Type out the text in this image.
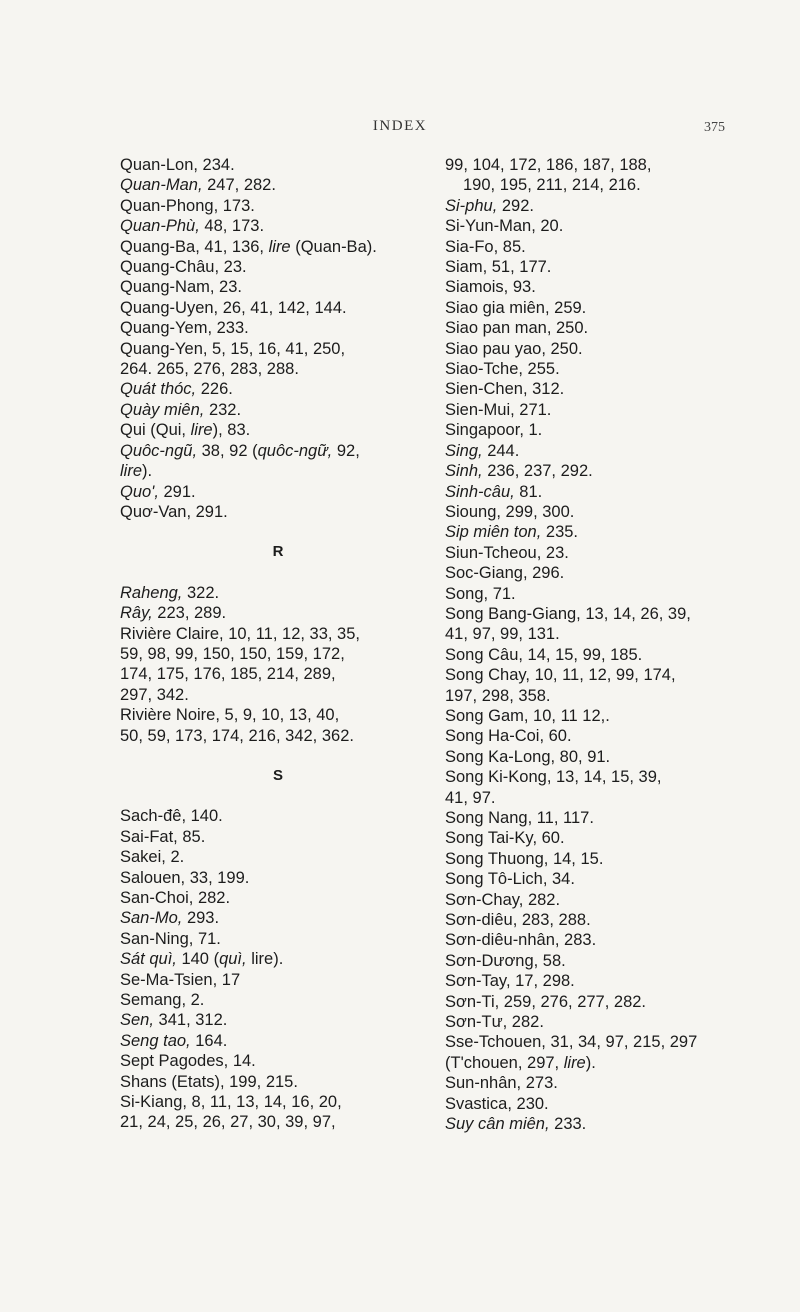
INDEX	375
Quan-Lon, 234.
Quan-Man, 247, 282.
Quan-Phong, 173.
Quan-Phù, 48, 173.
Quang-Ba, 41, 136, lire (Quan-Ba).
Quang-Châu, 23.
Quang-Nam, 23.
Quang-Uyen, 26, 41, 142, 144.
Quang-Yem, 233.
Quang-Yen, 5, 15, 16, 41, 250,
264. 265, 276, 283, 288.
Quát thóc, 226.
Quày miên, 232.
Qui (Qui, lire), 83.
Quôc-ngũ, 38, 92 (quôc-ngữ, 92,
lire).
Quo', 291.
Quơ-Van, 291.
R
Raheng, 322.
Rây, 223, 289.
Rivière Claire, 10, 11, 12, 33, 35,
59, 98, 99, 150, 150, 159, 172,
174, 175, 176, 185, 214, 289,
297, 342.
Rivière Noire, 5, 9, 10, 13, 40,
50, 59, 173, 174, 216, 342, 362.
S
Sach-đê, 140.
Sai-Fat, 85.
Sakei, 2.
Salouen, 33, 199.
San-Choi, 282.
San-Mo, 293.
San-Ning, 71.
Sát quì, 140 (quì, lire).
Se-Ma-Tsien, 17
Semang, 2.
Sen, 341, 312.
Seng tao, 164.
Sept Pagodes, 14.
Shans (Etats), 199, 215.
Si-Kiang, 8, 11, 13, 14, 16, 20,
21, 24, 25, 26, 27, 30, 39, 97,
99, 104, 172, 186, 187, 188,
190, 195, 211, 214, 216.
Si-phu, 292.
Si-Yun-Man, 20.
Sia-Fo, 85.
Siam, 51, 177.
Siamois, 93.
Siao gia miên, 259.
Siao pan man, 250.
Siao pau yao, 250.
Siao-Tche, 255.
Sien-Chen, 312.
Sien-Mui, 271.
Singapoor, 1.
Sing, 244.
Sinh, 236, 237, 292.
Sinh-câu, 81.
Sioung, 299, 300.
Sip miên ton, 235.
Siun-Tcheou, 23.
Soc-Giang, 296.
Song, 71.
Song Bang-Giang, 13, 14, 26, 39,
41, 97, 99, 131.
Song Câu, 14, 15, 99, 185.
Song Chay, 10, 11, 12, 99, 174,
197, 298, 358.
Song Gam, 10, 11 12,.
Song Ha-Coi, 60.
Song Ka-Long, 80, 91.
Song Ki-Kong, 13, 14, 15, 39,
41, 97.
Song Nang, 11, 117.
Song Tai-Ky, 60.
Song Thuong, 14, 15.
Song Tô-Lich, 34.
Sơn-Chay, 282.
Sơn-diêu, 283, 288.
Sơn-diêu-nhân, 283.
Sơn-Dương, 58.
Sơn-Tay, 17, 298.
Sơn-Ti, 259, 276, 277, 282.
Sơn-Tư, 282.
Sse-Tchouen, 31, 34, 97, 215, 297
(T'chouen, 297, lire).
Sun-nhân, 273.
Svastica, 230.
Suy cân miên, 233.
